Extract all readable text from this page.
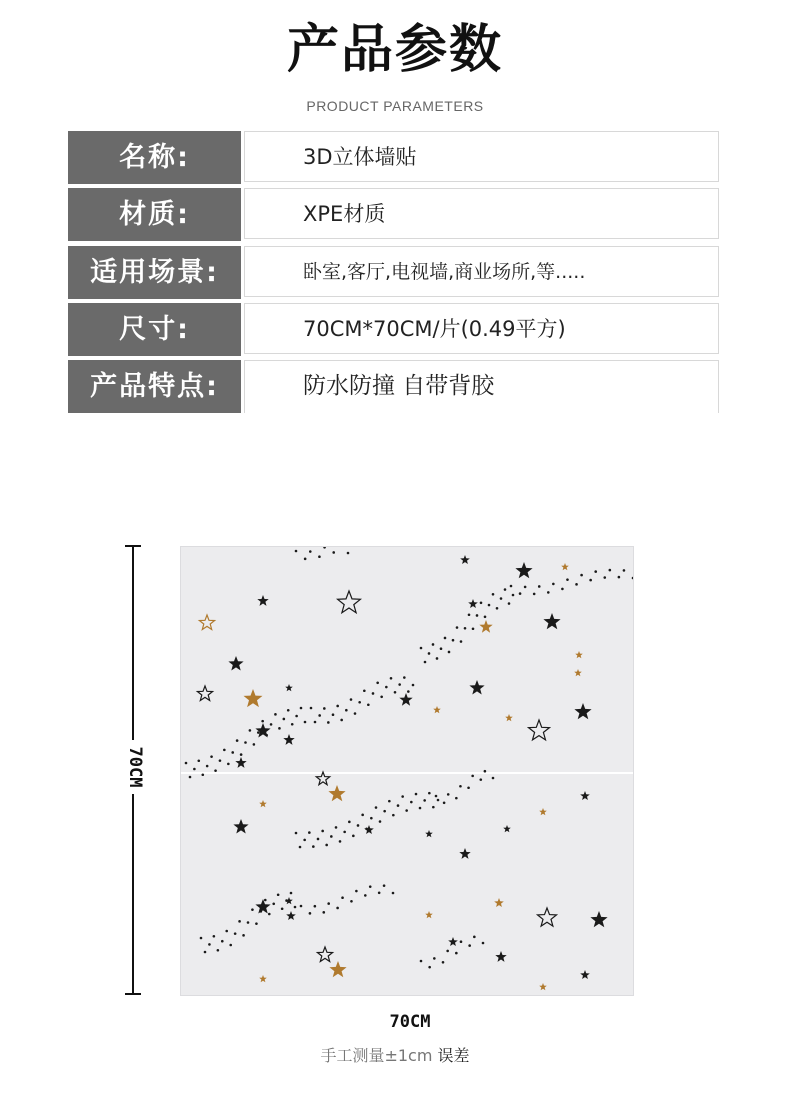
产品参数
PRODUCT PARAMETERS
名称:	3D立体墙贴
材质:	XPE材质
适用场景:	卧室,客厅,电视墙,商业场所,等.....
尺寸:	70CM*70CM/片(0.49平方)
产品特点:	防水防撞 自带背胶
70CM
70CM
手工测量±1cm 误差
